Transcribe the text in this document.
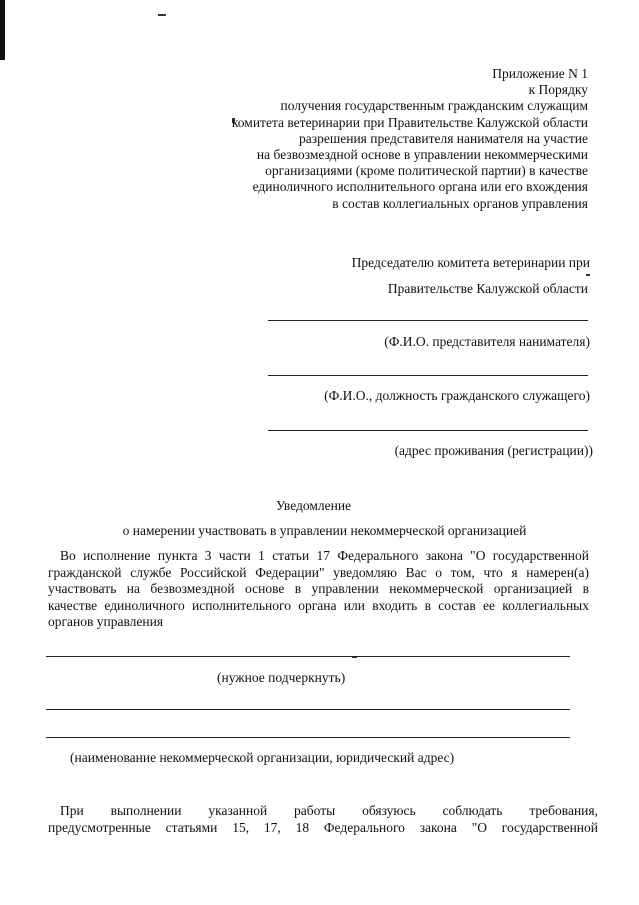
Приложение N 1
к Порядку
получения государственным гражданским служащим
комитета ветеринарии при Правительстве Калужской области
разрешения представителя нанимателя на участие
на безвозмездной основе в управлении некоммерческими
организациями (кроме политической партии) в качестве
единоличного исполнительного органа или его вхождения
в состав коллегиальных органов управления
Председателю комитета ветеринарии при
Правительстве Калужской области
(Ф.И.О. представителя нанимателя)
(Ф.И.О., должность гражданского служащего)
(адрес проживания (регистрации))
Уведомление
о намерении участвовать в управлении некоммерческой организацией
Во исполнение пункта 3 части 1 статьи 17 Федерального закона "О государственной
гражданской службе Российской Федерации" уведомляю Вас о том, что я намерен(а)
участвовать на безвозмездной основе в управлении некоммерческой организацией в
качестве единоличного исполнительного органа или входить в состав ее коллегиальных
органов управления
(нужное подчеркнуть)
(наименование некоммерческой организации, юридический адрес)
При выполнении указанной работы обязуюсь соблюдать требования,
предусмотренные статьями 15, 17, 18 Федерального закона "О государственной
